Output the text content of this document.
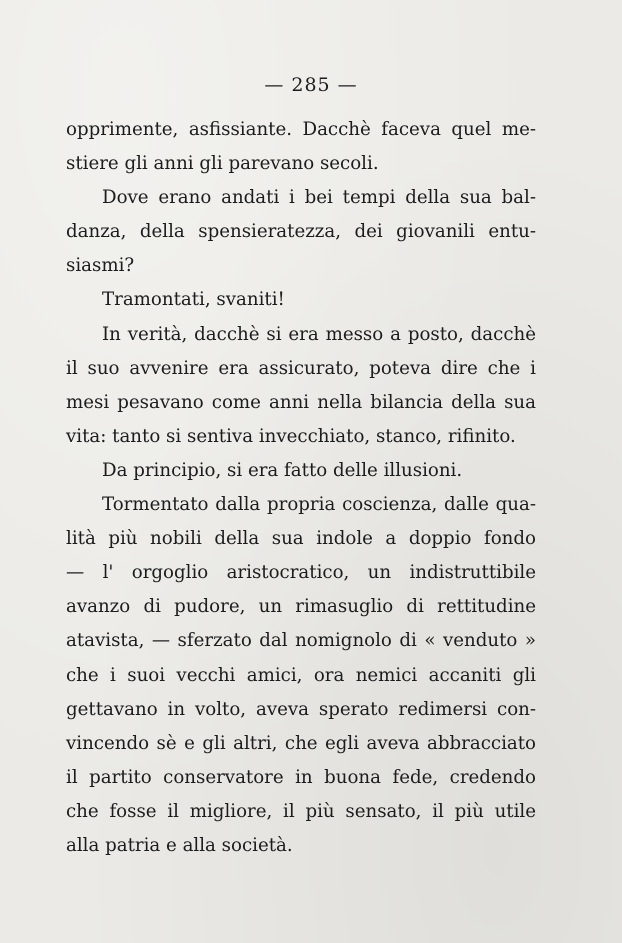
— 285 —
opprimente, asfissiante. Dacchè faceva quel me-
stiere gli anni gli parevano secoli.
Dove erano andati i bei tempi della sua bal-
danza, della spensieratezza, dei giovanili entu-
siasmi?
Tramontati, svaniti!
In verità, dacchè si era messo a posto, dacchè
il suo avvenire era assicurato, poteva dire che i
mesi pesavano come anni nella bilancia della sua
vita: tanto si sentiva invecchiato, stanco, rifinito.
Da principio, si era fatto delle illusioni.
Tormentato dalla propria coscienza, dalle qua-
lità più nobili della sua indole a doppio fondo
— l' orgoglio aristocratico, un indistruttibile
avanzo di pudore, un rimasuglio di rettitudine
atavista, — sferzato dal nomignolo di « venduto »
che i suoi vecchi amici, ora nemici accaniti gli
gettavano in volto, aveva sperato redimersi con-
vincendo sè e gli altri, che egli aveva abbracciato
il partito conservatore in buona fede, credendo
che fosse il migliore, il più sensato, il più utile
alla patria e alla società.
